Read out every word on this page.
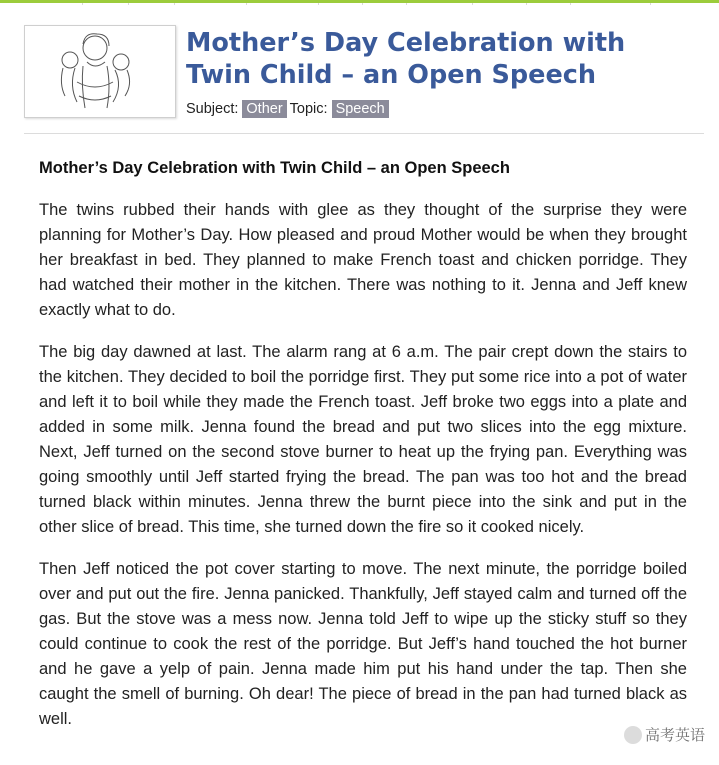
Mother’s Day Celebration with Twin Child – an Open Speech
Subject: Other Topic: Speech
Mother’s Day Celebration with Twin Child – an Open Speech

The twins rubbed their hands with glee as they thought of the surprise they were planning for Mother’s Day. How pleased and proud Mother would be when they brought her breakfast in bed. They planned to make French toast and chicken porridge. They had watched their mother in the kitchen. There was nothing to it. Jenna and Jeff knew exactly what to do.

The big day dawned at last. The alarm rang at 6 a.m. The pair crept down the stairs to the kitchen. They decided to boil the porridge first. They put some rice into a pot of water and left it to boil while they made the French toast. Jeff broke two eggs into a plate and added in some milk. Jenna found the bread and put two slices into the egg mixture. Next, Jeff turned on the second stove burner to heat up the frying pan. Everything was going smoothly until Jeff started frying the bread. The pan was too hot and the bread turned black within minutes. Jenna threw the burnt piece into the sink and put in the other slice of bread. This time, she turned down the fire so it cooked nicely.

Then Jeff noticed the pot cover starting to move. The next minute, the porridge boiled over and put out the fire. Jenna panicked. Thankfully, Jeff stayed calm and turned off the gas. But the stove was a mess now. Jenna told Jeff to wipe up the sticky stuff so they could continue to cook the rest of the porridge. But Jeff’s hand touched the hot burner and he gave a yelp of pain. Jenna made him put his hand under the tap. Then she caught the smell of burning. Oh dear! The piece of bread in the pan had turned black as well.

高考英语
